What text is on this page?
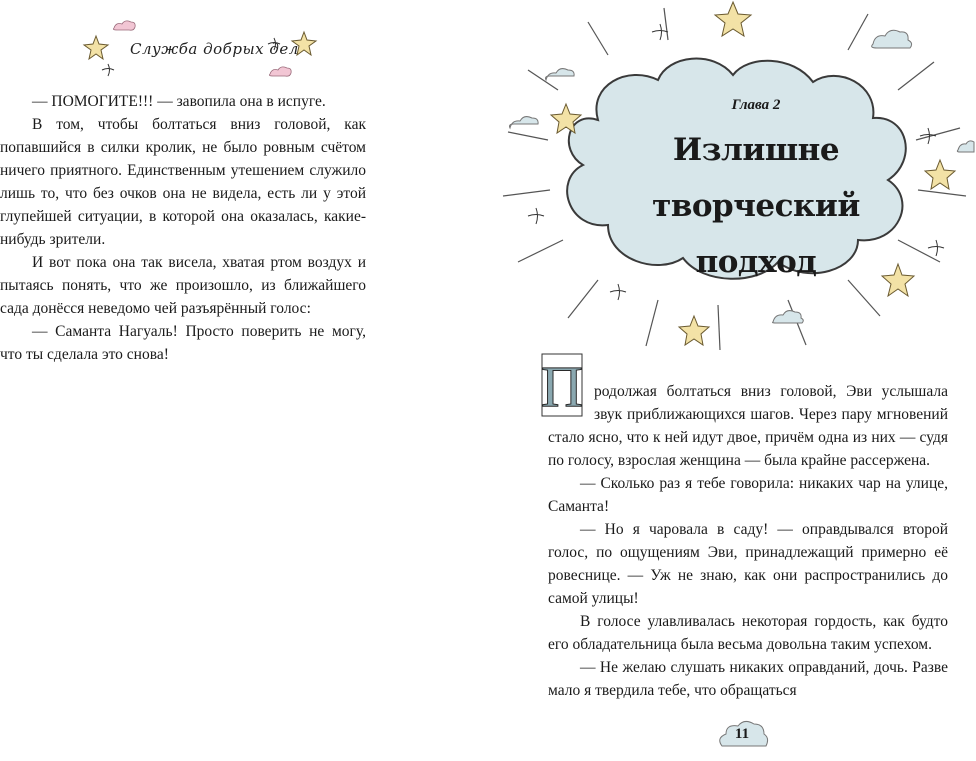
Служба добрых дел

— ПОМОГИТЕ!!! — завопила она в испуге.

В том, чтобы болтаться вниз головой, как попавшийся в силки кролик, не было ровным счётом ничего приятного. Единственным утешением служило лишь то, что без очков она не видела, есть ли у этой глупейшей ситуации, в которой она оказалась, какие-нибудь зрители.

И вот пока она так висела, хватая ртом воздух и пытаясь понять, что же произошло, из ближайшего сада донёсся неведомо чей разъярённый голос:

— Саманта Нагуаль! Просто поверить не могу, что ты сделала это снова!

Глава 2
Излишне
творческий
подход

П родолжая болтаться вниз головой, Эви услышала звук приближающихся шагов. Через пару мгновений стало ясно, что к ней идут двое, причём одна из них — судя по голосу, взрослая женщина — была крайне рассержена.

— Сколько раз я тебе говорила: никаких чар на улице, Саманта!

— Но я чаровала в саду! — оправдывался второй голос, по ощущениям Эви, принадлежащий примерно её ровеснице. — Уж не знаю, как они распространились до самой улицы!

В голосе улавливалась некоторая гордость, как будто его обладательница была весьма довольна таким успехом.

— Не желаю слушать никаких оправданий, дочь. Разве мало я твердила тебе, что обращаться

11
